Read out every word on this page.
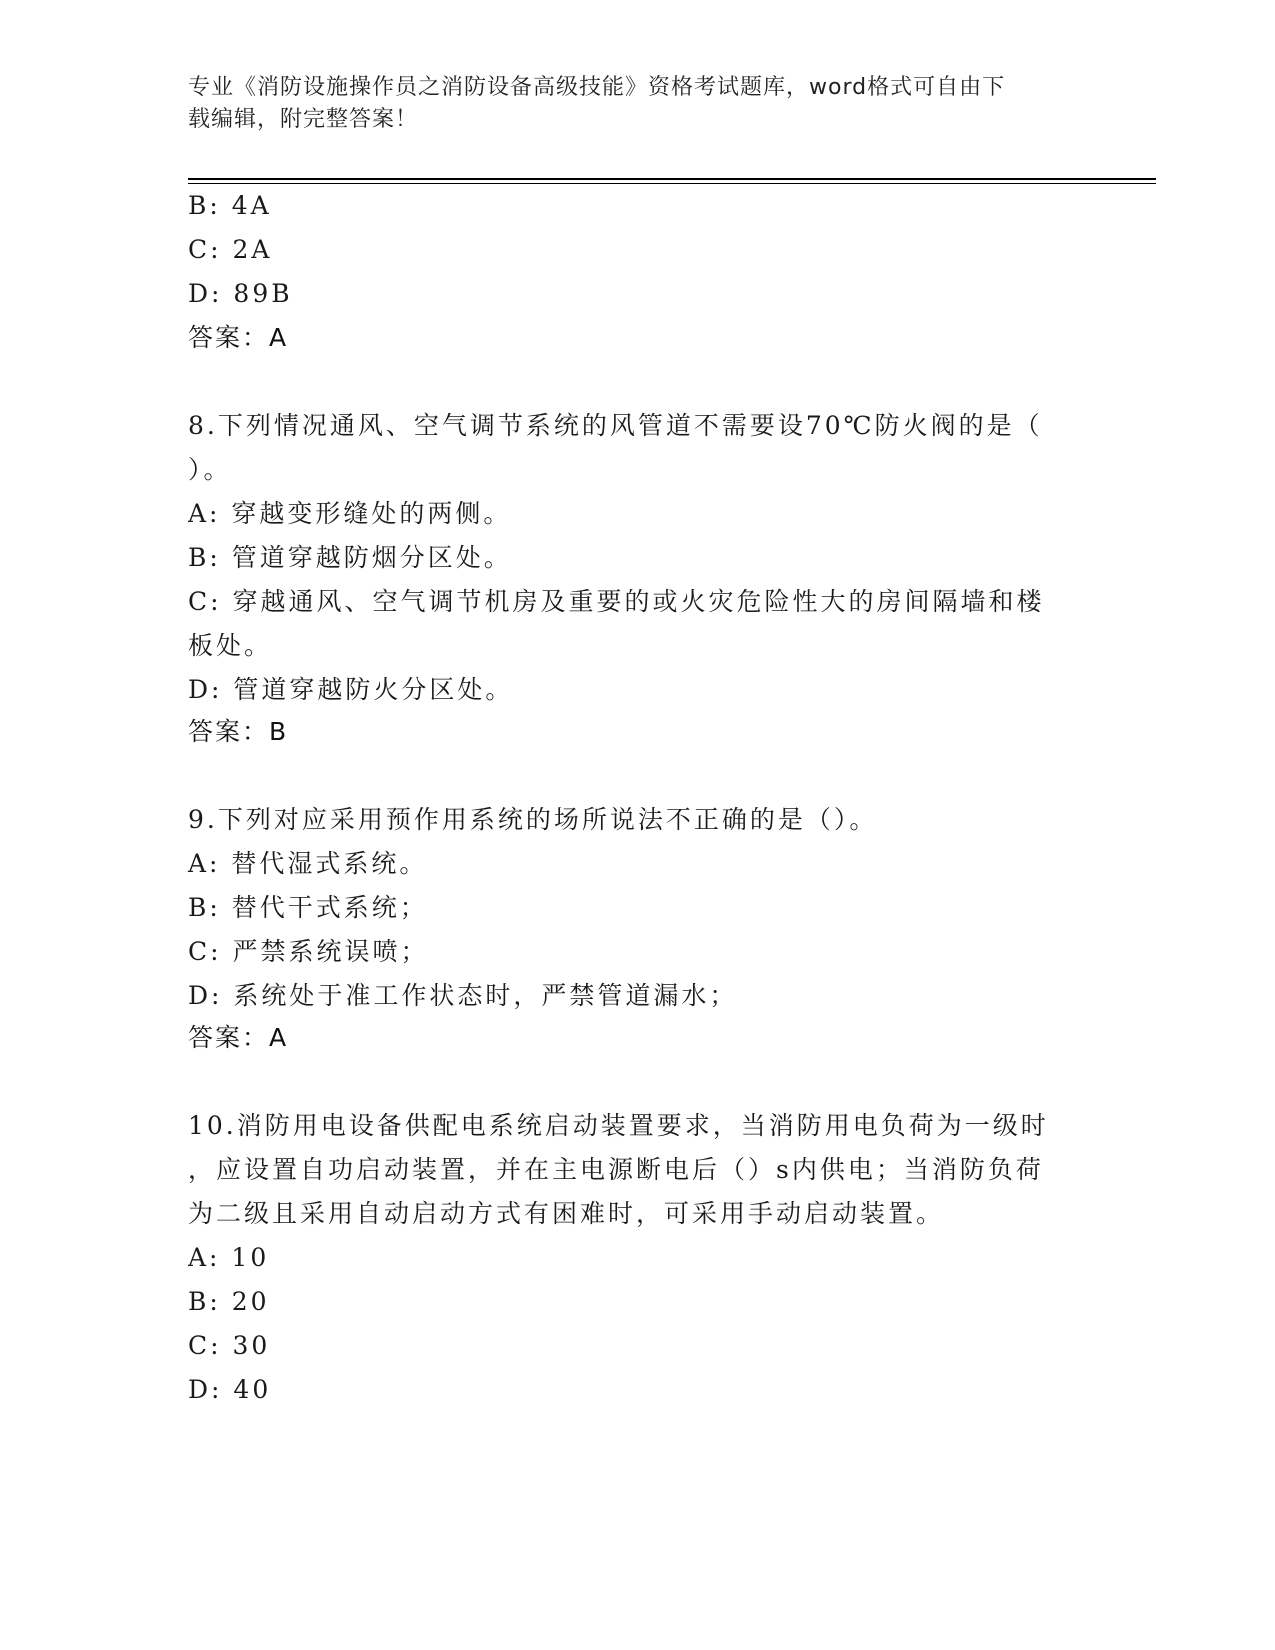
专业《消防设施操作员之消防设备高级技能》资格考试题库，word格式可自由下
载编辑，附完整答案！
B: 4A
C: 2A
D: 89B
答案：A
8.下列情况通风、空气调节系统的风管道不需要设70℃防火阀的是（
）。
A: 穿越变形缝处的两侧。
B: 管道穿越防烟分区处。
C: 穿越通风、空气调节机房及重要的或火灾危险性大的房间隔墙和楼
板处。
D: 管道穿越防火分区处。
答案：B
9.下列对应采用预作用系统的场所说法不正确的是（）。
A: 替代湿式系统。
B: 替代干式系统；
C: 严禁系统误喷；
D: 系统处于准工作状态时，严禁管道漏水；
答案：A
10.消防用电设备供配电系统启动装置要求，当消防用电负荷为一级时
，应设置自功启动装置，并在主电源断电后（）s内供电；当消防负荷
为二级且采用自动启动方式有困难时，可采用手动启动装置。
A: 10
B: 20
C: 30
D: 40
